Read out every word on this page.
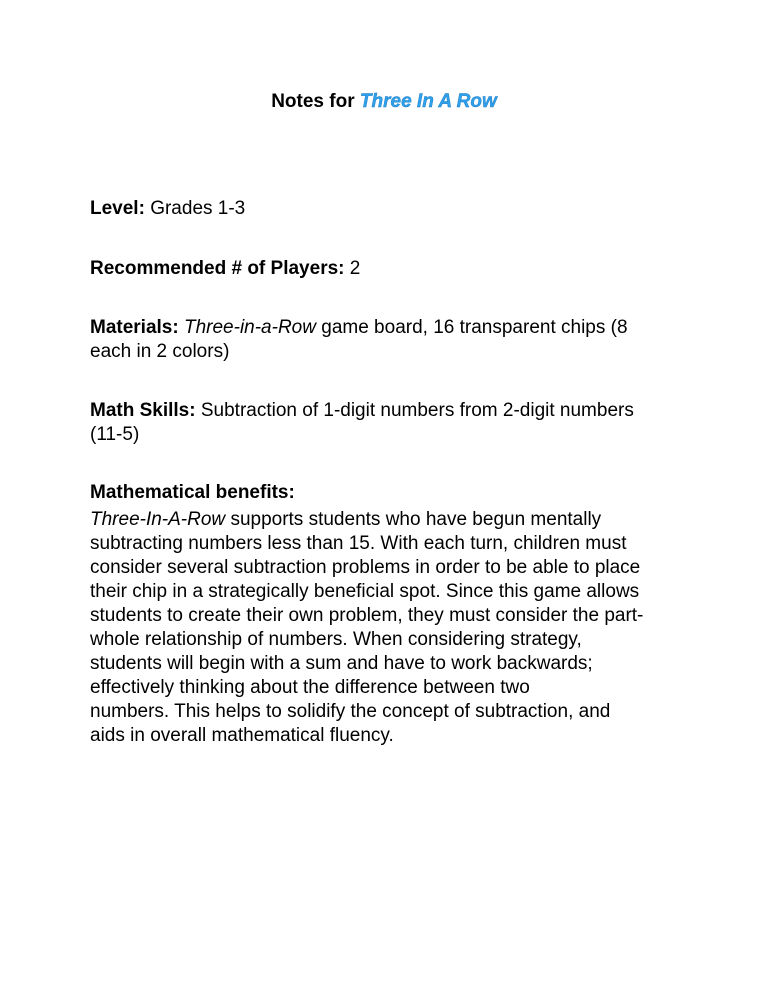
Notes for Three In A Row
Level: Grades 1-3
Recommended # of Players: 2
Materials: Three-in-a-Row game board, 16 transparent chips (8
each in 2 colors)
Math Skills: Subtraction of 1-digit numbers from 2-digit numbers
(11-5)
Mathematical benefits:
Three-In-A-Row supports students who have begun mentally
subtracting numbers less than 15. With each turn, children must
consider several subtraction problems in order to be able to place
their chip in a strategically beneficial spot. Since this game allows
students to create their own problem, they must consider the part-
whole relationship of numbers. When considering strategy,
students will begin with a sum and have to work backwards;
effectively thinking about the difference between two
numbers. This helps to solidify the concept of subtraction, and
aids in overall mathematical fluency.
